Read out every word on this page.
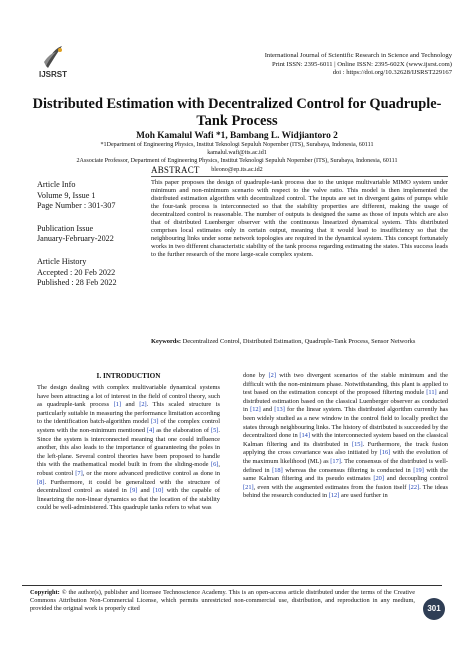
IJSRST
International Journal of Scientific Research in Science and Technology
Print ISSN: 2395-6011 | Online ISSN: 2395-602X (www.ijsrst.com)
doi : https://doi.org/10.32628/IJSRST229167
Distributed Estimation with Decentralized Control for Quadruple-Tank Process
Moh Kamalul Wafi *1, Bambang L. Widjiantoro 2
*1Department of Engineering Physics, Institut Teknologi Sepuluh Nopember (ITS), Surabaya, Indonesia, 60111
kamalul.wafi@its.ac.id1
2Associate Professor, Department of Engineering Physics, Institut Teknologi Sepuluh Nopember (ITS), Surabaya, Indonesia, 60111
bleono@ep.its.ac.id2
Article Info
Volume 9, Issue 1
Page Number : 301-307
Publication Issue
January-February-2022
Article History
Accepted : 20 Feb 2022
Published : 28 Feb 2022
ABSTRACT
This paper proposes the design of quadruple-tank process due to the unique multivariable MIMO system under minimum and non-minimum scenario with respect to the valve ratio. This model is then implemented the distributed estimation algorithm with decentralized control. The inputs are set in divergent gains of pumps while the four-tank process is interconnected so that the stability properties are different, making the usage of decentralized control is reasonable. The number of outputs is designed the same as those of inputs which are also that of distributed Luenberger observer with the continuous linearized dynamical system. This distributed comprises local estimates only in certain output, meaning that it would lead to insufficiency so that the neighbouring links under some network topologies are required in the dynamical system. This concept fortunately works in two different characteristic stability of the tank process regarding estimating the states. This success leads to the further research of the more large-scale complex system.
Keywords: Decentralized Control, Distributed Estimation, Quadruple-Tank Process, Sensor Networks
I. INTRODUCTION
The design dealing with complex multivariable dynamical systems have been attracting a lot of interest in the field of control theory, such as quadruple-tank process [1] and [2]. This scaled structure is particularly suitable in measuring the performance limitation according to the identification batch-algorithm model [3] of the complex control system with the non-minimum mentioned [4] as the elaboration of [5]. Since the system is interconnected meaning that one could influence another, this also leads to the importance of guaranteeing the poles in the left-plane. Several control theories have been proposed to handle this with the mathematical model built in from the sliding-mode [6], robust control [7], or the more advanced predictive control as done in [8]. Furthermore, it could be generalized with the structure of decentralized control as stated in [9] and [10] with the capable of linearizing the non-linear dynamics so that the location of the stability could be well-administered. This quadruple tanks refers to what was
done by [2] with two divergent scenarios of the stable minimum and the difficult with the non-minimum phase. Notwithstanding, this plant is applied to test based on the estimation concept of the proposed filtering module [11] and distributed estimation based on the classical Luenberger observer as conducted in [12] and [13] for the linear system. This distributed algorithm currently has been widely studied as a new window in the control field to locally predict the states through neighbouring links. The history of distributed is succeeded by the decentralized done in [14] with the interconnected system based on the classical Kalman filtering and its distributed in [15]. Furthermore, the track fusion applying the cross covariance was also initiated by [16] with the evolution of the maximum likelihood (ML) as [17]. The consensus of the distributed is well-defined in [18] whereas the consensus filtering is conducted in [19] with the same Kalman filtering and its pseudo estimates [20] and decoupling control [21], even with the augmented estimates from the fusion itself [22]. The ideas behind the research conducted in [12] are used further in
Copyright: © the author(s), publisher and licensee Technoscience Academy. This is an open-access article distributed under the terms of the Creative Commons Attribution Non-Commercial License, which permits unrestricted non-commercial use, distribution, and reproduction in any medium, provided the original work is properly cited	301
